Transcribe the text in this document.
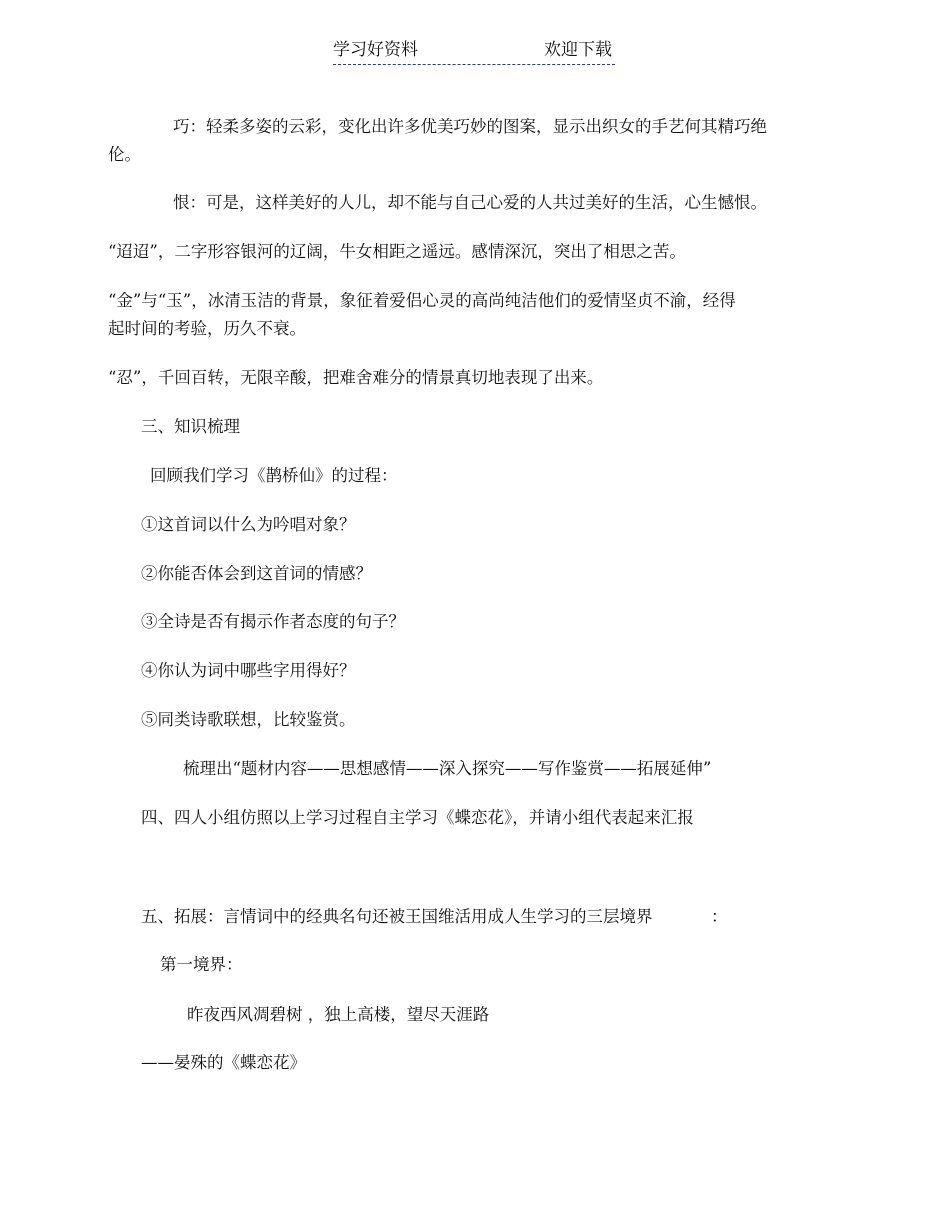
学习好资料	欢迎下载
巧：轻柔多姿的云彩，变化出许多优美巧妙的图案，显示出织女的手艺何其精巧绝
伦。
恨：可是，这样美好的人儿，却不能与自己心爱的人共过美好的生活，心生憾恨。
“迢迢”，二字形容银河的辽阔，牛女相距之遥远。感情深沉，突出了相思之苦。
“金”与“玉”，冰清玉洁的背景，象征着爱侣心灵的高尚纯洁他们的爱情坚贞不渝，经得
起时间的考验，历久不衰。
“忍”，千回百转，无限辛酸，把难舍难分的情景真切地表现了出来。
三、知识梳理
回顾我们学习《鹊桥仙》的过程：
①这首词以什么为吟唱对象？
②你能否体会到这首词的情感？
③全诗是否有揭示作者态度的句子？
④你认为词中哪些字用得好？
⑤同类诗歌联想，比较鉴赏。
梳理出“题材内容——思想感情——深入探究——写作鉴赏——拓展延伸”
四、四人小组仿照以上学习过程自主学习《蝶恋花》，并请小组代表起来汇报
五、拓展：言情词中的经典名句还被王国维活用成人生学习的三层境界	：
第一境界：
昨夜西风凋碧树 ，独上高楼，望尽天涯路
——晏殊的《蝶恋花》
